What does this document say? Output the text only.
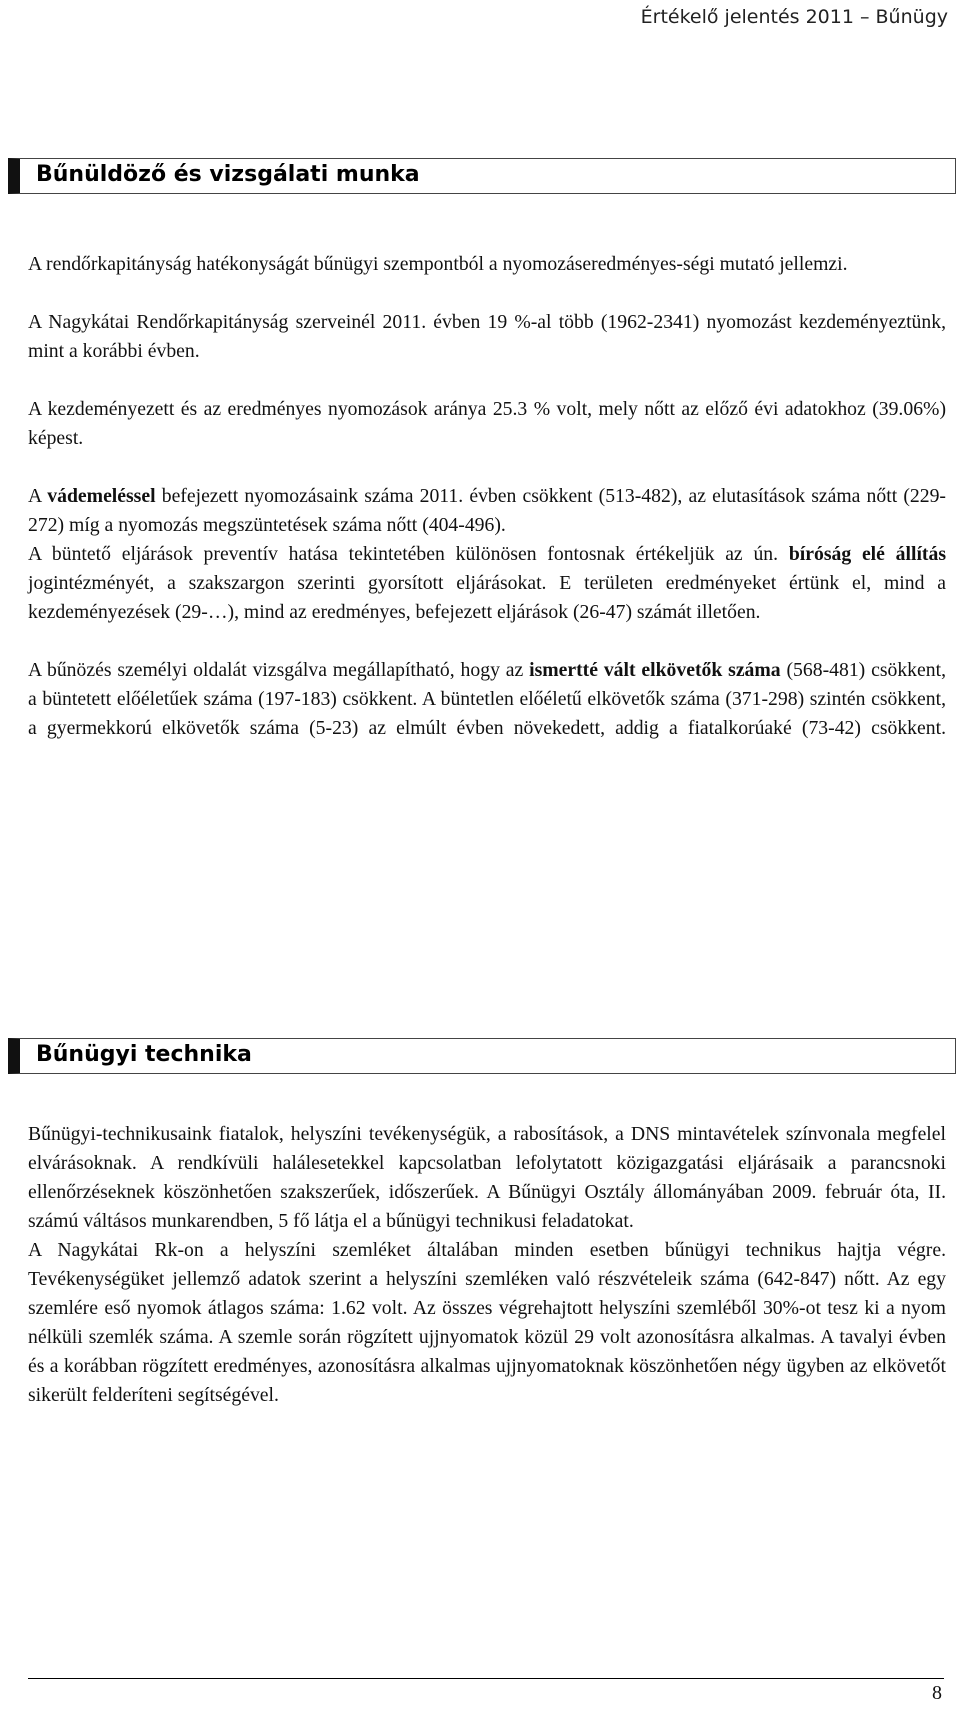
Értékelő jelentés 2011 – Bűnügy
Bűnüldöző és vizsgálati munka

A rendőrkapitányság hatékonyságát bűnügyi szempontból a nyomozáseredményes-ségi mutató jellemzi.

A Nagykátai Rendőrkapitányság szerveinél 2011. évben 19 %-al több (1962-2341) nyomozást kezdeményeztünk, mint a korábbi évben.

A kezdeményezett és az eredményes nyomozások aránya 25.3 % volt, mely nőtt az előző évi adatokhoz (39.06%) képest.

A vádemeléssel befejezett nyomozásaink száma 2011. évben csökkent (513-482), az elutasítások száma nőtt (229-272) míg a nyomozás megszüntetések száma nőtt (404-496).

A büntető eljárások preventív hatása tekintetében különösen fontosnak értékeljük az ún. bíróság elé állítás jogintézményét, a szakszargon szerinti gyorsított eljárásokat. E területen eredményeket értünk el, mind a kezdeményezések (29-…), mind az eredményes, befejezett eljárások (26-47) számát illetően.

A bűnözés személyi oldalát vizsgálva megállapítható, hogy az ismertté vált elkövetők száma (568-481) csökkent, a büntetett előéletűek száma (197-183) csökkent. A büntetlen előéletű elkövetők száma (371-298) szintén csökkent, a gyermekkorú elkövetők száma (5-23) az elmúlt évben növekedett, addig a fiatalkorúaké (73-42) csökkent.

Bűnügyi technika

Bűnügyi-technikusaink fiatalok, helyszíni tevékenységük, a rabosítások, a DNS mintavételek színvonala megfelel elvárásoknak. A rendkívüli halálesetekkel kapcsolatban lefolytatott közigazgatási eljárásaik a parancsnoki ellenőrzéseknek köszönhetően szakszerűek, időszerűek. A Bűnügyi Osztály állományában 2009. február óta, II. számú váltásos munkarendben, 5 fő látja el a bűnügyi technikusi feladatokat.

A Nagykátai Rk-on a helyszíni szemléket általában minden esetben bűnügyi technikus hajtja végre. Tevékenységüket jellemző adatok szerint a helyszíni szemléken való részvételeik száma (642-847) nőtt. Az egy szemlére eső nyomok átlagos száma: 1.62 volt. Az összes végrehajtott helyszíni szemléből 30%-ot tesz ki a nyom nélküli szemlék száma. A szemle során rögzített ujjnyomatok közül 29 volt azonosításra alkalmas. A tavalyi évben és a korábban rögzített eredményes, azonosításra alkalmas ujjnyomatoknak köszönhetően négy ügyben az elkövetőt sikerült felderíteni segítségével.

8
